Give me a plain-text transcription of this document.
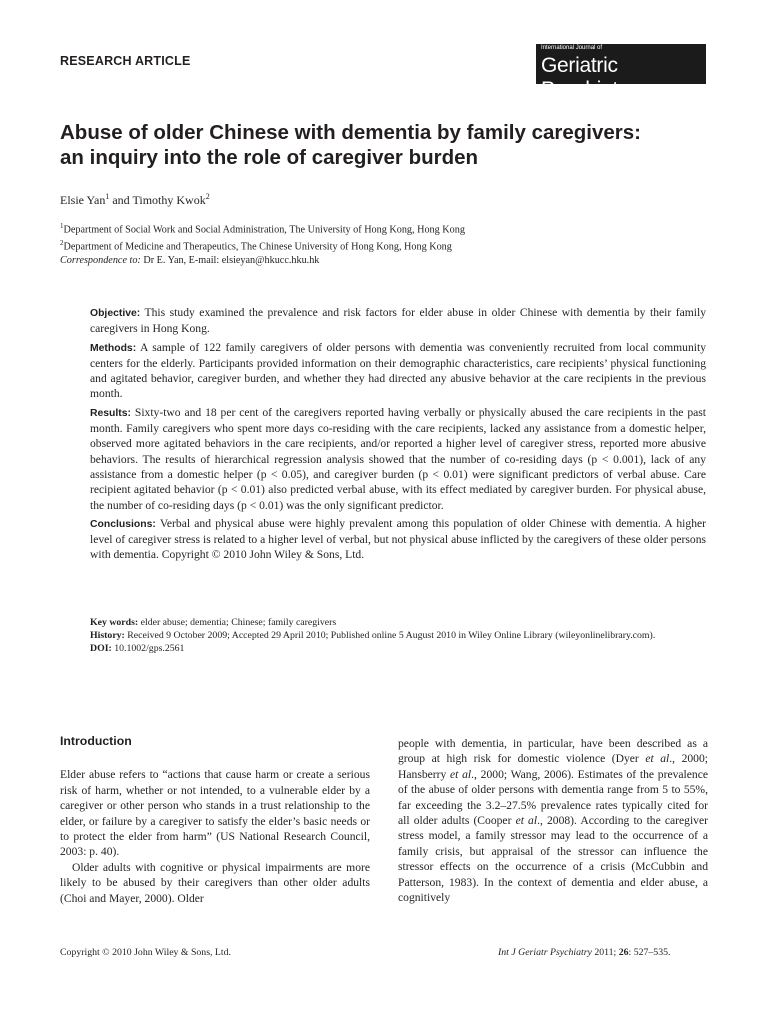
RESEARCH ARTICLE
International Journal of
Geriatric Psychiatry
Abuse of older Chinese with dementia by family caregivers:
an inquiry into the role of caregiver burden
Elsie Yan$^1$ and Timothy Kwok$^2$
$^1$Department of Social Work and Social Administration, The University of Hong Kong, Hong Kong
$^2$Department of Medicine and Therapeutics, The Chinese University of Hong Kong, Hong Kong
Correspondence to: Dr E. Yan, E-mail: elsieyan@hkucc.hku.hk

Objective: This study examined the prevalence and risk factors for elder abuse in older Chinese with dementia by their family caregivers in Hong Kong.

Methods: A sample of 122 family caregivers of older persons with dementia was conveniently recruited from local community centers for the elderly. Participants provided information on their demographic characteristics, care recipients’ physical functioning and agitated behavior, caregiver burden, and whether they had directed any abusive behavior at the care recipients in the previous month.

Results: Sixty-two and 18 per cent of the caregivers reported having verbally or physically abused the care recipients in the past month. Family caregivers who spent more days co-residing with the care recipients, lacked any assistance from a domestic helper, observed more agitated behaviors in the care recipients, and/or reported a higher level of caregiver stress, reported more abusive behaviors. The results of hierarchical regression analysis showed that the number of co-residing days (p < 0.001), lack of any assistance from a domestic helper (p < 0.05), and caregiver burden (p < 0.01) were significant predictors of verbal abuse. Care recipient agitated behavior (p < 0.01) also predicted verbal abuse, with its effect mediated by caregiver burden. For physical abuse, the number of co-residing days (p < 0.01) was the only significant predictor.

Conclusions: Verbal and physical abuse were highly prevalent among this population of older Chinese with dementia. A higher level of caregiver stress is related to a higher level of verbal, but not physical abuse inflicted by the caregivers of these older persons with dementia. Copyright © 2010 John Wiley & Sons, Ltd.

Key words: elder abuse; dementia; Chinese; family caregivers
History: Received 9 October 2009; Accepted 29 April 2010; Published online 5 August 2010 in Wiley Online Library (wileyonlinelibrary.com).
DOI: 10.1002/gps.2561
Introduction

Elder abuse refers to “actions that cause harm or create a serious risk of harm, whether or not intended, to a vulnerable elder by a caregiver or other person who stands in a trust relationship to the elder, or failure by a caregiver to satisfy the elder’s basic needs or to protect the elder from harm” (US National Research Council, 2003: p. 40).

Older adults with cognitive or physical impairments are more likely to be abused by their caregivers than other older adults (Choi and Mayer, 2000). Older

people with dementia, in particular, have been described as a group at high risk for domestic violence (Dyer et al., 2000; Hansberry et al., 2000; Wang, 2006). Estimates of the prevalence of the abuse of older persons with dementia range from 5 to 55%, far exceeding the 3.2–27.5% prevalence rates typically cited for all older adults (Cooper et al., 2008). According to the caregiver stress model, a family stressor may lead to the occurrence of a family crisis, but appraisal of the stressor can influence the stressor effects on the occurrence of a crisis (McCubbin and Patterson, 1983). In the context of dementia and elder abuse, a cognitively

Copyright © 2010 John Wiley & Sons, Ltd.	Int J Geriatr Psychiatry 2011; 26: 527–535.
